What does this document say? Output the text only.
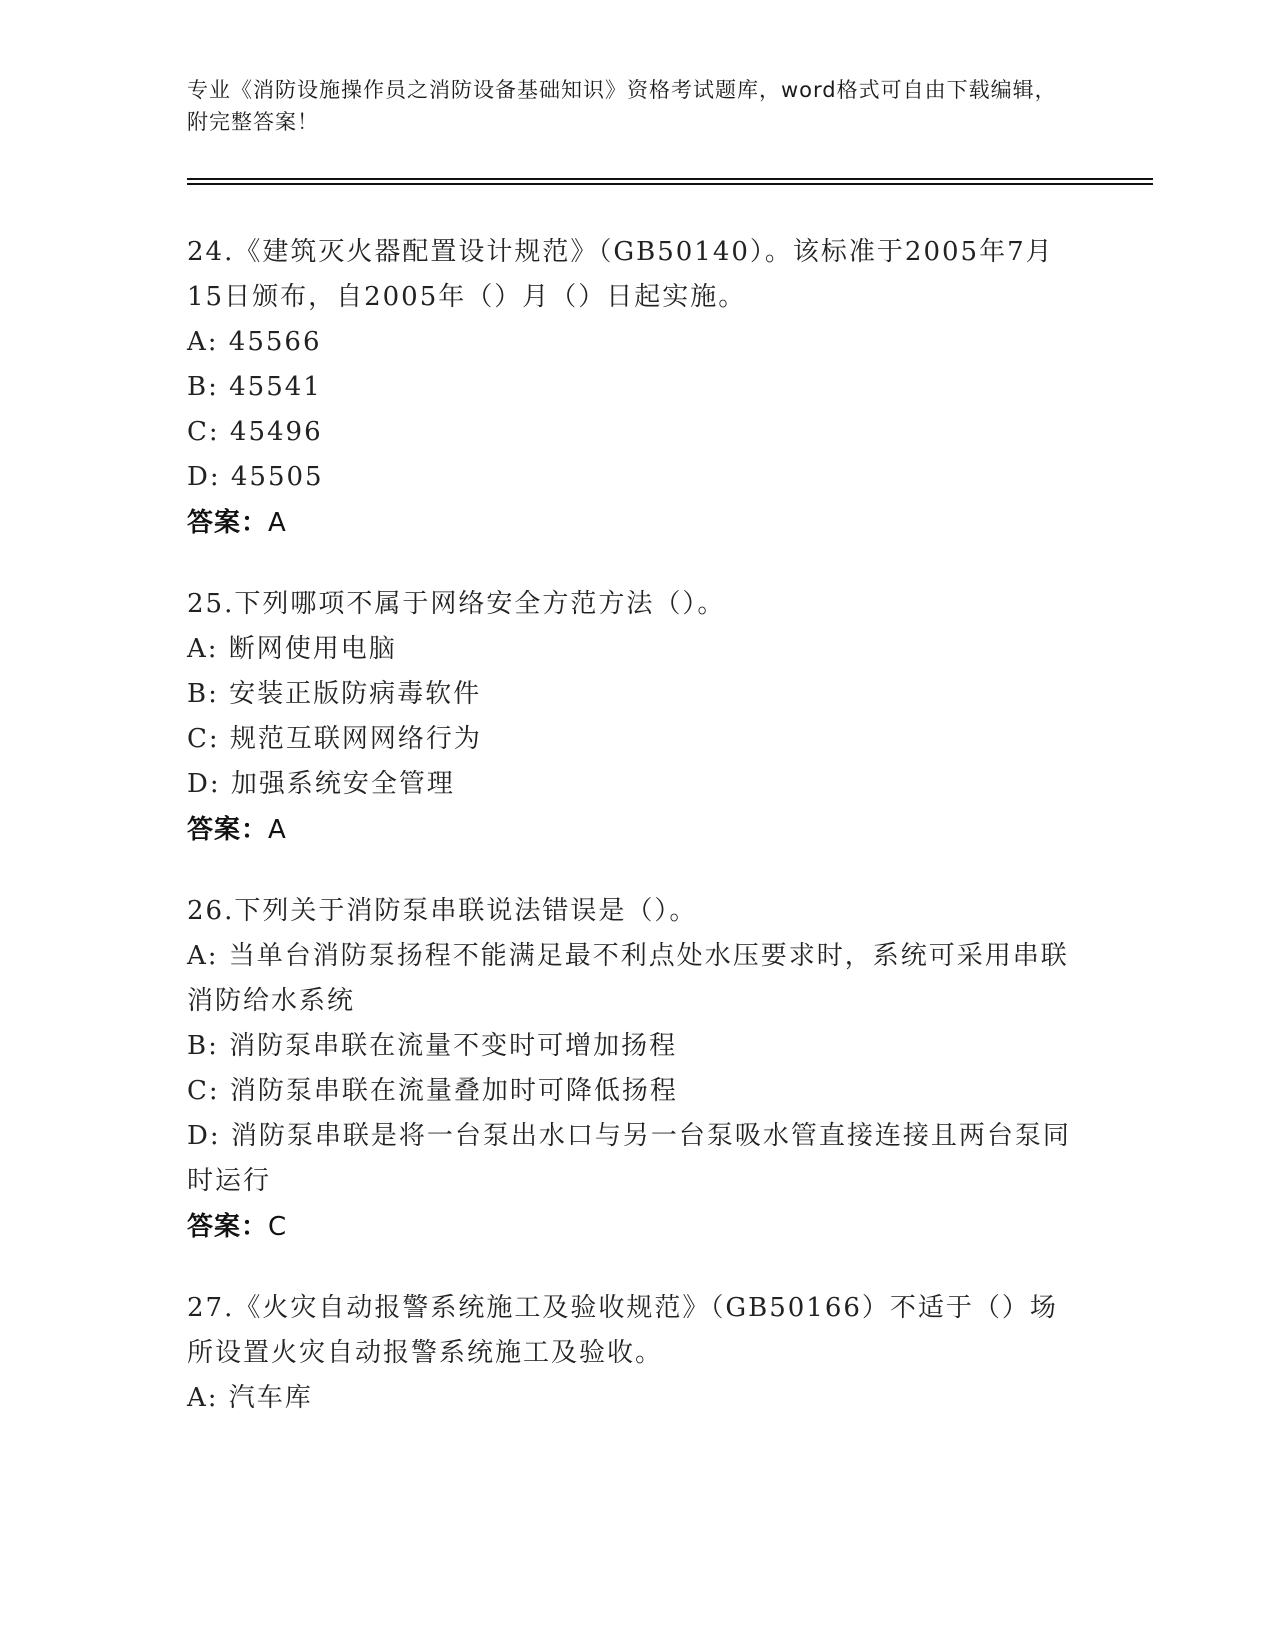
专业《消防设施操作员之消防设备基础知识》资格考试题库，word格式可自由下载编辑，附完整答案！

24.《建筑灭火器配置设计规范》（GB50140）。该标准于2005年7月15日颁布，自2005年（）月（）日起实施。

A: 45566

B: 45541

C: 45496

D: 45505

答案：A

25.下列哪项不属于网络安全方范方法（）。

A: 断网使用电脑

B: 安装正版防病毒软件

C: 规范互联网网络行为

D: 加强系统安全管理

答案：A

26.下列关于消防泵串联说法错误是（）。

A: 当单台消防泵扬程不能满足最不利点处水压要求时，系统可采用串联消防给水系统

B: 消防泵串联在流量不变时可增加扬程

C: 消防泵串联在流量叠加时可降低扬程

D: 消防泵串联是将一台泵出水口与另一台泵吸水管直接连接且两台泵同时运行

答案：C

27.《火灾自动报警系统施工及验收规范》（GB50166）不适于（）场所设置火灾自动报警系统施工及验收。

A: 汽车库
